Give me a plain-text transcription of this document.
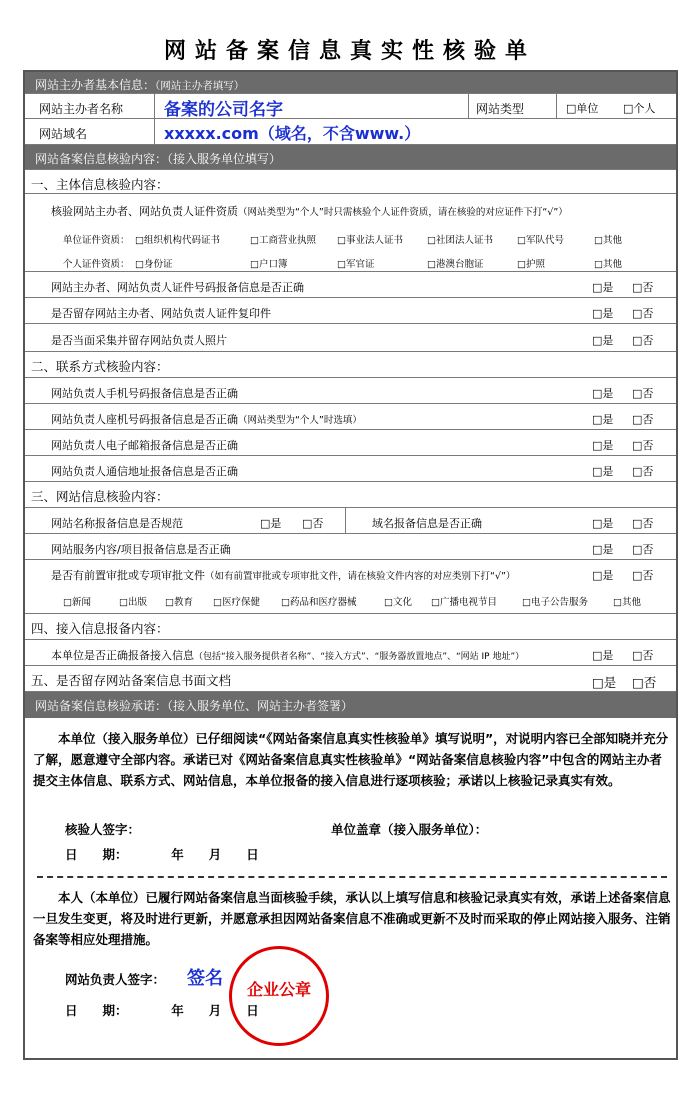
网站备案信息真实性核验单
网站主办者基本信息：（网站主办者填写）
网站主办者名称 备案的公司名字	网站类型	□单位 □个人
网站域名	xxxxx.com（域名，不含www.）
网站备案信息核验内容：（接入服务单位填写）
一、主体信息核验内容：
核验网站主办者、网站负责人证件资质（网站类型为“个人”时只需核验个人证件资质，请在核验的对应证件下打“√”）
单位证件资质： □组织机构代码证书	□工商营业执照 □事业法人证书	□社团法人证书	□军队代号	□其他
个人证件资质： □身份证	□户口簿	□军官证	□港澳台胞证	□护照	□其他
网站主办者、网站负责人证件号码报备信息是否正确	□是 □否
是否留存网站主办者、网站负责人证件复印件	□是 □否
是否当面采集并留存网站负责人照片	□是 □否
二、联系方式核验内容：
网站负责人手机号码报备信息是否正确	□是 □否
网站负责人座机号码报备信息是否正确（网站类型为“个人”时选填）	□是 □否
网站负责人电子邮箱报备信息是否正确	□是 □否
网站负责人通信地址报备信息是否正确	□是 □否
三、网站信息核验内容：
网站名称报备信息是否规范	□是 □否	域名报备信息是否正确	□是 □否
网站服务内容/项目报备信息是否正确	□是 □否
是否有前置审批或专项审批文件（如有前置审批或专项审批文件，请在核验文件内容的对应类别下打“√”）	□是 □否
□新闻	□出版 □教育 □医疗保健 □药品和医疗器械	□文化 □广播电视节目	□电子公告服务	□其他
四、接入信息报备内容：
本单位是否正确报备接入信息（包括“接入服务提供者名称”、“接入方式”、“服务器放置地点”、“网站 IP 地址”）	□是 □否
五、是否留存网站备案信息书面文档	□是 □否
网站备案信息核验承诺：（接入服务单位、网站主办者签署）
本单位（接入服务单位）已仔细阅读“《网站备案信息真实性核验单》填写说明”，对说明内容已全部知晓并充分了解，愿意遵守全部内容。承诺已对《网站备案信息真实性核验单》“网站备案信息核验内容”中包含的网站主办者提交主体信息、联系方式、网站信息，本单位报备的接入信息进行逐项核验；承诺以上核验记录真实有效。
核验人签字：	单位盖章（接入服务单位）：
日　　期：　　　　年　　月　　日
本人（本单位）已履行网站备案信息当面核验手续，承认以上填写信息和核验记录真实有效，承诺上述备案信息一旦发生变更，将及时进行更新，并愿意承担因网站备案信息不准确或更新不及时而采取的停止网站接入服务、注销备案等相应处理措施。
网站负责人签字： 签名
日　　期：　　　　年　　月　　日
企业公章
